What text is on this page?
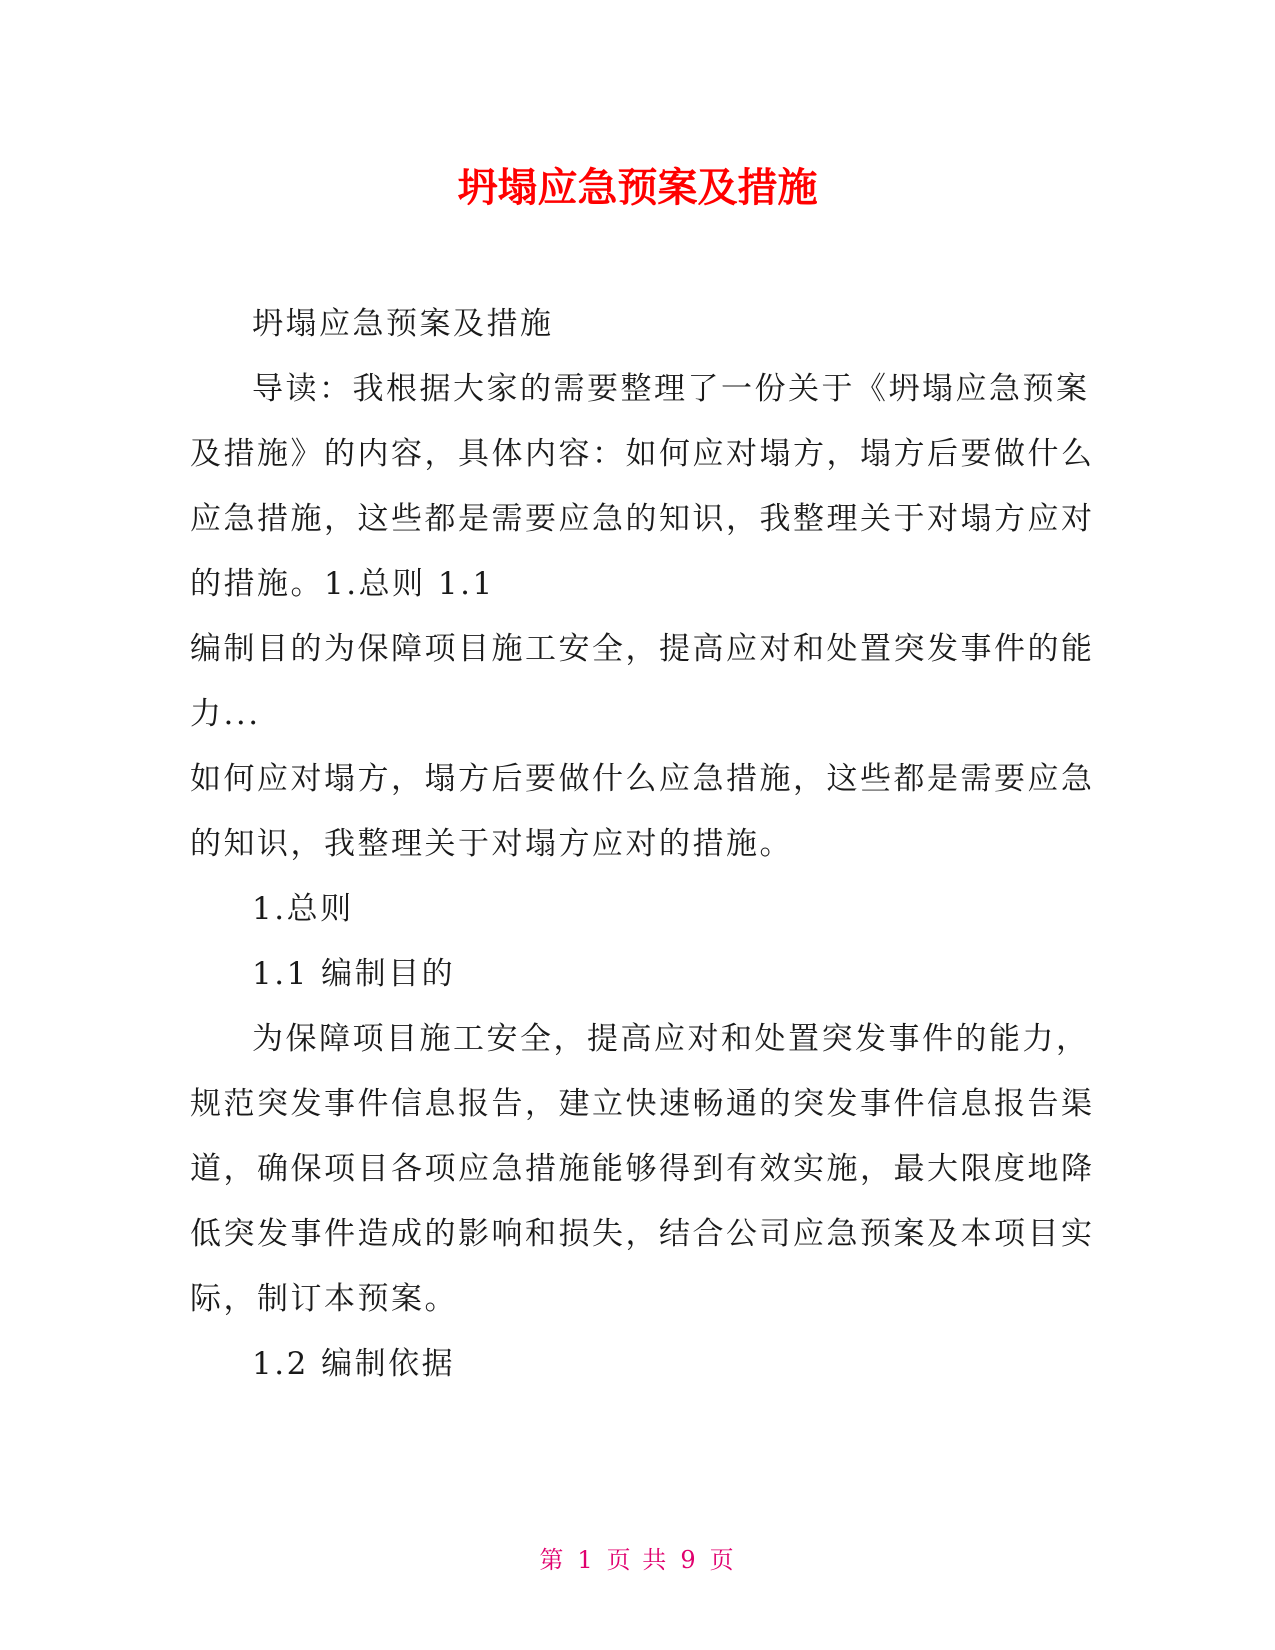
坍塌应急预案及措施

坍塌应急预案及措施

导读：我根据大家的需要整理了一份关于《坍塌应急预案

及措施》的内容，具体内容：如何应对塌方，塌方后要做什么

应急措施，这些都是需要应急的知识，我整理关于对塌方应对

的措施。1.总则 1.1

编制目的为保障项目施工安全，提高应对和处置突发事件的能

力...

如何应对塌方，塌方后要做什么应急措施，这些都是需要应急

的知识，我整理关于对塌方应对的措施。

1.总则

1.1 编制目的

为保障项目施工安全，提高应对和处置突发事件的能力，

规范突发事件信息报告，建立快速畅通的突发事件信息报告渠

道，确保项目各项应急措施能够得到有效实施，最大限度地降

低突发事件造成的影响和损失，结合公司应急预案及本项目实

际，制订本预案。

1.2 编制依据

第 1 页 共 9 页
